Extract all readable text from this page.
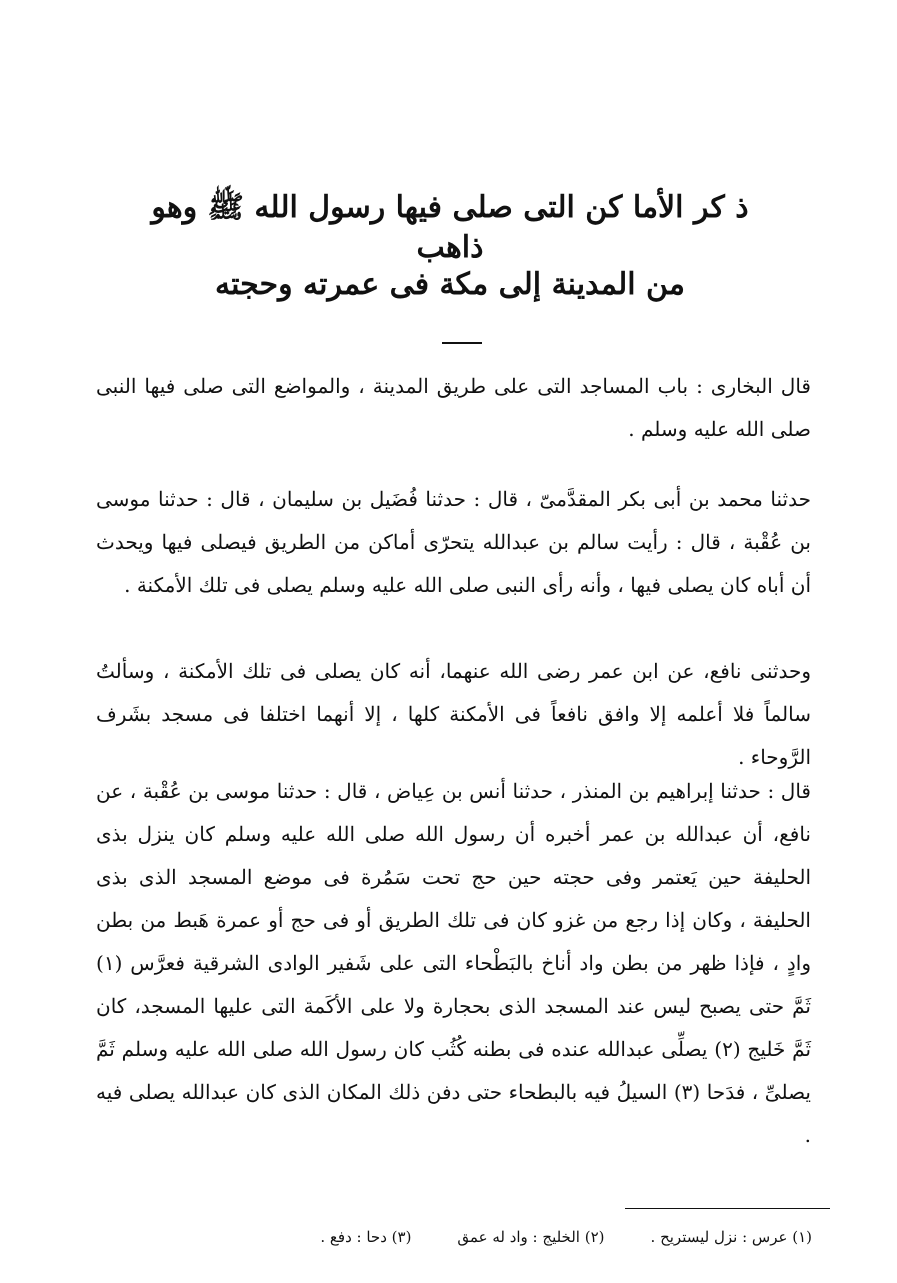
ذ كر الأما كن التى صلى فيها رسول الله ﷺ وهو ذاهب
من المدينة إلى مكة فى عمرته وحجته
قال البخارى : باب المساجد التى على طريق المدينة ، والمواضع التى صلى فيها النبى صلى الله عليه وسلم .
حدثنا محمد بن أبى بكر المقدَّمىّ ، قال : حدثنا فُضَيل بن سليمان ، قال : حدثنا موسى بن عُقْبة ، قال : رأيت سالم بن عبدالله يتحرّى أماكن من الطريق فيصلى فيها ويحدث أن أباه كان يصلى فيها ، وأنه رأى النبى صلى الله عليه وسلم يصلى فى تلك الأمكنة .
وحدثنى نافع، عن ابن عمر رضى الله عنهما، أنه كان يصلى فى تلك الأمكنة ، وسألتُ سالماً فلا أعلمه إلا وافق نافعاً فى الأمكنة كلها ، إلا أنهما اختلفا فى مسجد بشَرف الرَّوحاء .
قال : حدثنا إبراهيم بن المنذر ، حدثنا أنس بن عِياض ، قال : حدثنا موسى بن عُقْبة ، عن نافع، أن عبدالله بن عمر أخبره أن رسول الله صلى الله عليه وسلم كان ينزل بذى الحليفة حين يَعتمر وفى حجته حين حج تحت سَمُرة فى موضع المسجد الذى بذى الحليفة ، وكان إذا رجع من غزو كان فى تلك الطريق أو فى حج أو عمرة هَبط من بطن وادٍ ، فإذا ظهر من بطن واد أناخ بالبَطْحاء التى على شَفير الوادى الشرقية فعرَّس (١) ثَمَّ حتى يصبح ليس عند المسجد الذى بحجارة ولا على الأكَمة التى عليها المسجد، كان ثَمَّ خَليج (٢) يصلِّى عبدالله عنده فى بطنه كُثُب كان رسول الله صلى الله عليه وسلم ثَمَّ يصلىِّ ، فدَحا (٣) السيلُ فيه بالبطحاء حتى دفن ذلك المكان الذى كان عبدالله يصلى فيه .
(١) عرس : نزل ليستريح .
(٢) الخليج : واد له عمق
(٣) دحا : دفع .
